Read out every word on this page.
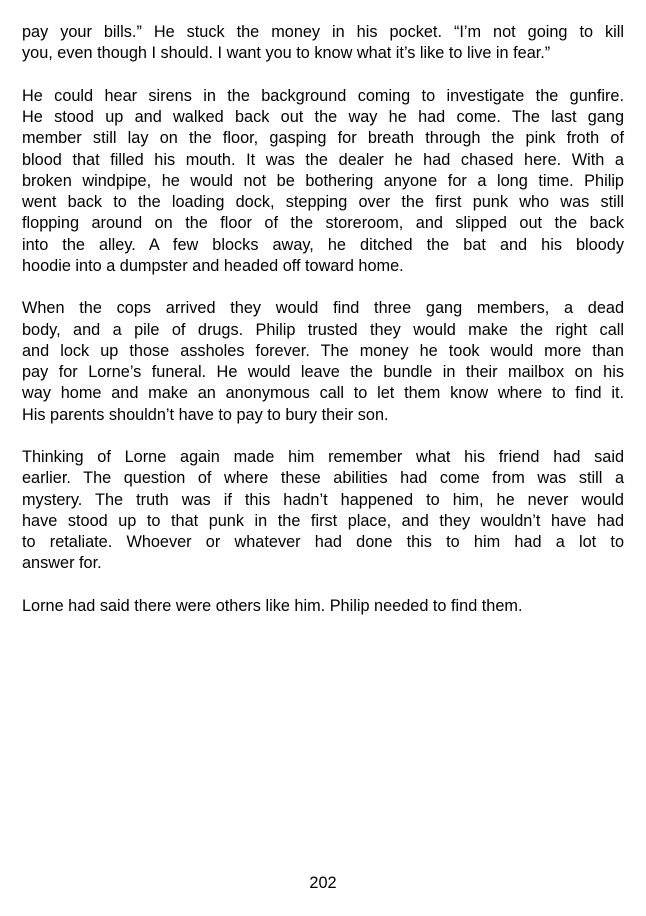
pay your bills.” He stuck the money in his pocket. “I’m not going to kill
you, even though I should. I want you to know what it’s like to live in fear.”
He could hear sirens in the background coming to investigate the gunfire.
He stood up and walked back out the way he had come. The last gang
member still lay on the floor, gasping for breath through the pink froth of
blood that filled his mouth. It was the dealer he had chased here. With a
broken windpipe, he would not be bothering anyone for a long time. Philip
went back to the loading dock, stepping over the first punk who was still
flopping around on the floor of the storeroom, and slipped out the back
into the alley. A few blocks away, he ditched the bat and his bloody
hoodie into a dumpster and headed off toward home.
When the cops arrived they would find three gang members, a dead
body, and a pile of drugs. Philip trusted they would make the right call
and lock up those assholes forever. The money he took would more than
pay for Lorne’s funeral. He would leave the bundle in their mailbox on his
way home and make an anonymous call to let them know where to find it.
His parents shouldn’t have to pay to bury their son.
Thinking of Lorne again made him remember what his friend had said
earlier. The question of where these abilities had come from was still a
mystery. The truth was if this hadn’t happened to him, he never would
have stood up to that punk in the first place, and they wouldn’t have had
to retaliate. Whoever or whatever had done this to him had a lot to
answer for.
Lorne had said there were others like him. Philip needed to find them.
202
